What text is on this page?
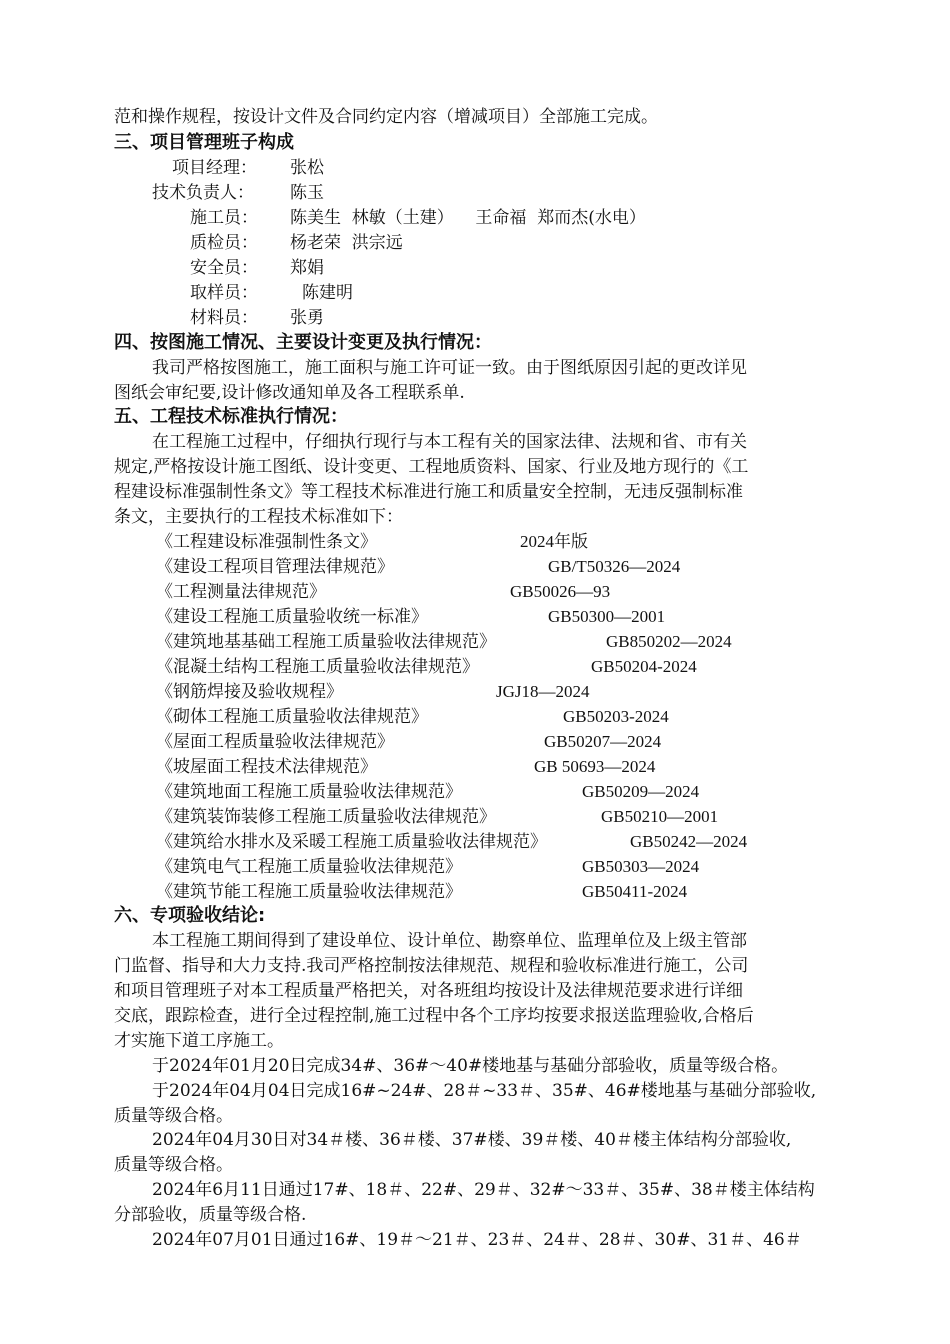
范和操作规程，按设计文件及合同约定内容（增减项目）全部施工完成。
三、项目管理班子构成
项目经理： 张松
技术负责人： 陈玉
施工员： 陈美生  林敏（土建）    王命福  郑而杰(水电）
质检员： 杨老荣  洪宗远
安全员： 郑娟
取样员：	陈建明
材料员： 张勇
四、按图施工情况、主要设计变更及执行情况：
我司严格按图施工，施工面积与施工许可证一致。由于图纸原因引起的更改详见
图纸会审纪要,设计修改通知单及各工程联系单.
五、工程技术标准执行情况：
在工程施工过程中，仔细执行现行与本工程有关的国家法律、法规和省、市有关
规定,严格按设计施工图纸、设计变更、工程地质资料、国家、行业及地方现行的《工
程建设标准强制性条文》等工程技术标准进行施工和质量安全控制，无违反强制标准
条文，主要执行的工程技术标准如下：
《工程建设标准强制性条文》	2024年版
《建设工程项目管理法律规范》	GB/T50326—2024
《工程测量法律规范》	GB50026—93
《建设工程施工质量验收统一标准》	GB50300—2001
《建筑地基基础工程施工质量验收法律规范》	GB850202—2024
《混凝土结构工程施工质量验收法律规范》	GB50204-2024
《钢筋焊接及验收规程》	JGJ18—2024
《砌体工程施工质量验收法律规范》	GB50203-2024
《屋面工程质量验收法律规范》	GB50207—2024
《坡屋面工程技术法律规范》	GB 50693—2024
《建筑地面工程施工质量验收法律规范》	GB50209—2024
《建筑装饰装修工程施工质量验收法律规范》	GB50210—2001
《建筑给水排水及采暖工程施工质量验收法律规范》	GB50242—2024
《建筑电气工程施工质量验收法律规范》	GB50303—2024
《建筑节能工程施工质量验收法律规范》	GB50411-2024
六、专项验收结论:
本工程施工期间得到了建设单位、设计单位、勘察单位、监理单位及上级主管部
门监督、指导和大力支持.我司严格控制按法律规范、规程和验收标准进行施工，公司
和项目管理班子对本工程质量严格把关，对各班组均按设计及法律规范要求进行详细
交底，跟踪检查，进行全过程控制,施工过程中各个工序均按要求报送监理验收,合格后
才实施下道工序施工。
于2024年01月20日完成34#、36#～40#楼地基与基础分部验收，质量等级合格。
于2024年04月04日完成16#~24#、28＃~33＃、35#、46#楼地基与基础分部验收,
质量等级合格。
2024年04月30日对34＃楼、36＃楼、37#楼、39＃楼、40＃楼主体结构分部验收,
质量等级合格。
2024年6月11日通过17#、18＃、22#、29＃、32#～33＃、35#、38＃楼主体结构
分部验收，质量等级合格.
2024年07月01日通过16#、19＃～21＃、23＃、24＃、28＃、30#、31＃、46＃
